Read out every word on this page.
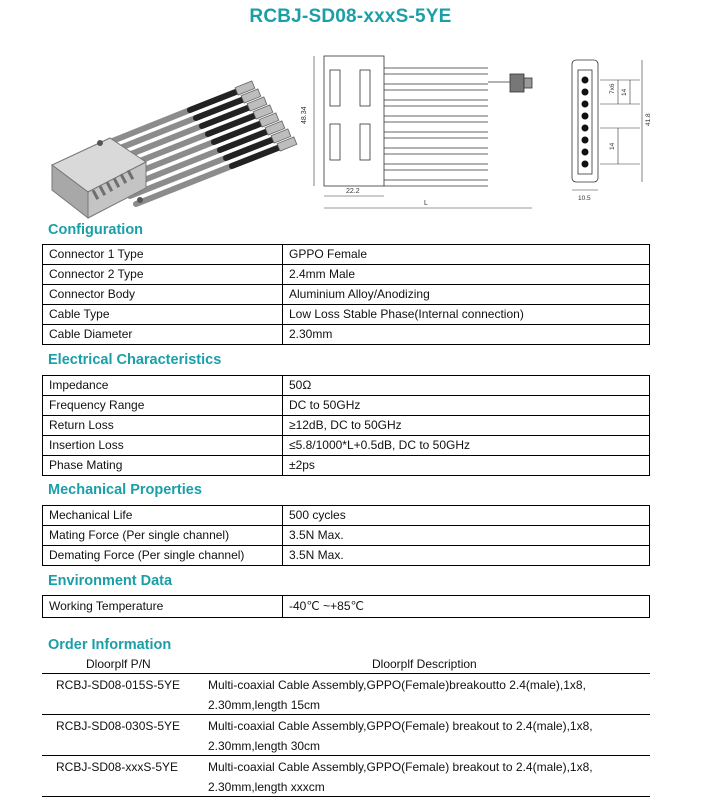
RCBJ-SD08-xxxS-5YE
48.34
22.2
L
7x6 14
14
41.8
10.5
Configuration
Connector 1 Type	GPPO Female
Connector 2 Type	2.4mm Male
Connector Body	Aluminium Alloy/Anodizing
Cable Type	Low Loss Stable Phase(Internal connection)
Cable Diameter	2.30mm
Electrical Characteristics
Impedance	50Ω
Frequency Range	DC to 50GHz
Return Loss	≥12dB, DC to 50GHz
Insertion Loss	≤5.8/1000*L+0.5dB, DC to 50GHz
Phase Mating	±2ps
Mechanical Properties
Mechanical Life	500 cycles
Mating Force (Per single channel)	3.5N Max.
Demating Force (Per single channel)	3.5N Max.
Environment Data
Working Temperature	-40℃ ~+85℃
Order Information
Dloorplf P/N	Dloorplf Description
RCBJ-SD08-015S-5YE Multi-coaxial Cable Assembly,GPPO(Female)breakoutto 2.4(male),1x8,
2.30mm,length 15cm
RCBJ-SD08-030S-5YE Multi-coaxial Cable Assembly,GPPO(Female) breakout to 2.4(male),1x8,
2.30mm,length 30cm
RCBJ-SD08-xxxS-5YE Multi-coaxial Cable Assembly,GPPO(Female) breakout to 2.4(male),1x8,
2.30mm,length xxxcm
